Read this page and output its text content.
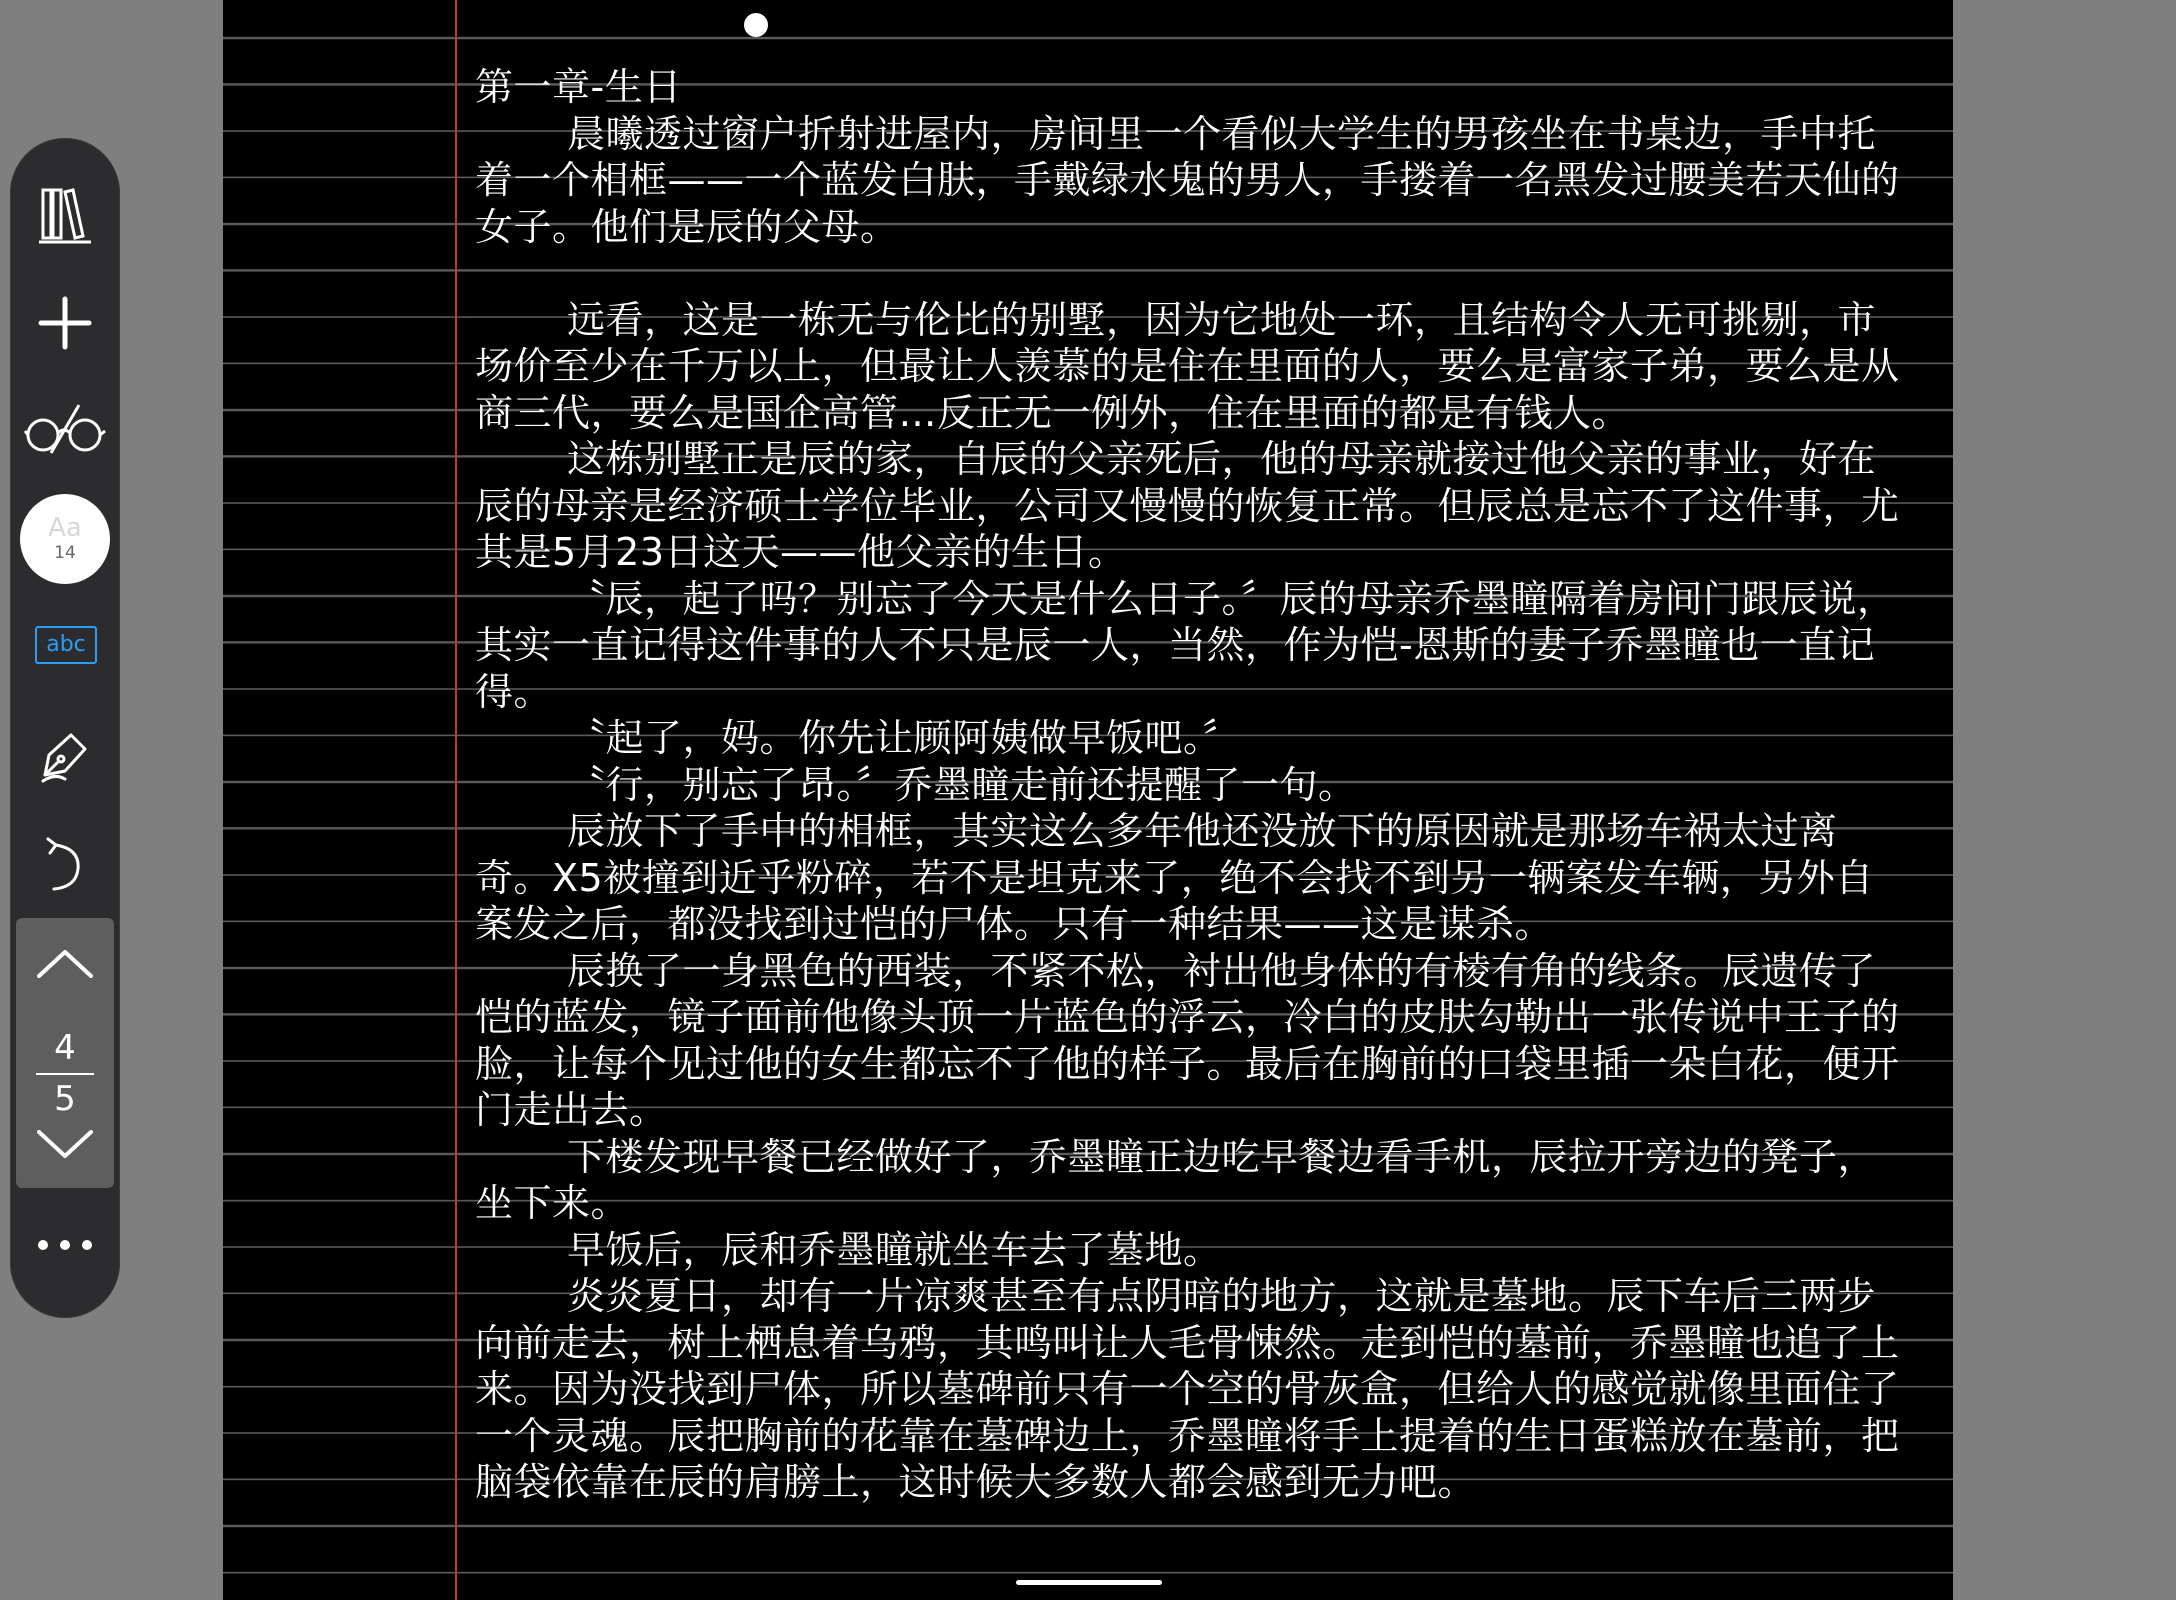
第一章-生日

晨曦透过窗户折射进屋内，房间里一个看似大学生的男孩坐在书桌边，手中托着一个相框——一个蓝发白肤，手戴绿水鬼的男人，手搂着一名黑发过腰美若天仙的女子。他们是辰的父母。

远看，这是一栋无与伦比的别墅，因为它地处一环，且结构令人无可挑剔，市场价至少在千万以上，但最让人羡慕的是住在里面的人，要么是富家子弟，要么是从商三代，要么是国企高管…反正无一例外，住在里面的都是有钱人。

这栋别墅正是辰的家，自辰的父亲死后，他的母亲就接过他父亲的事业，好在辰的母亲是经济硕士学位毕业，公司又慢慢的恢复正常。但辰总是忘不了这件事，尤其是5月23日这天——他父亲的生日。

〝辰，起了吗？别忘了今天是什么日子。〞辰的母亲乔墨瞳隔着房间门跟辰说，其实一直记得这件事的人不只是辰一人，当然，作为恺-恩斯的妻子乔墨瞳也一直记得。

〝起了，妈。你先让顾阿姨做早饭吧。〞

〝行，别忘了昂。〞乔墨瞳走前还提醒了一句。

辰放下了手中的相框，其实这么多年他还没放下的原因就是那场车祸太过离奇。X5被撞到近乎粉碎，若不是坦克来了，绝不会找不到另一辆案发车辆，另外自案发之后，都没找到过恺的尸体。只有一种结果——这是谋杀。

辰换了一身黑色的西装，不紧不松，衬出他身体的有棱有角的线条。辰遗传了恺的蓝发，镜子面前他像头顶一片蓝色的浮云，冷白的皮肤勾勒出一张传说中王子的脸，让每个见过他的女生都忘不了他的样子。最后在胸前的口袋里插一朵白花，便开门走出去。

下楼发现早餐已经做好了，乔墨瞳正边吃早餐边看手机，辰拉开旁边的凳子，坐下来。

早饭后，辰和乔墨瞳就坐车去了墓地。

炎炎夏日，却有一片凉爽甚至有点阴暗的地方，这就是墓地。辰下车后三两步向前走去，树上栖息着乌鸦，其鸣叫让人毛骨悚然。走到恺的墓前，乔墨瞳也追了上来。因为没找到尸体，所以墓碑前只有一个空的骨灰盒，但给人的感觉就像里面住了一个灵魂。辰把胸前的花靠在墓碑边上，乔墨瞳将手上提着的生日蛋糕放在墓前，把脑袋依靠在辰的肩膀上，这时候大多数人都会感到无力吧。

Aa
14
abc
4
5
